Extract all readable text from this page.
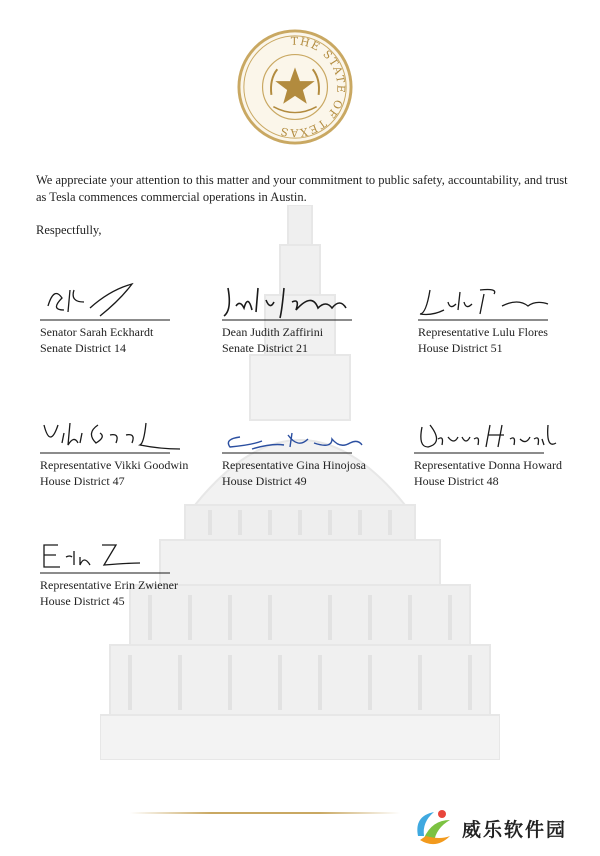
THE STATE OF TEXAS

We appreciate your attention to this matter and your commitment to public safety, accountability, and trust as Tesla commences commercial operations in Austin.

Respectfully,

Senator Sarah Eckhardt
Senate District 14
Dean Judith Zaffirini
Senate District 21
Representative Lulu Flores
House District 51
Representative Vikki Goodwin
House District 47
Representative Gina Hinojosa
House District 49
Representative Donna Howard
House District 48
Representative Erin Zwiener
House District 45
威乐软件园
